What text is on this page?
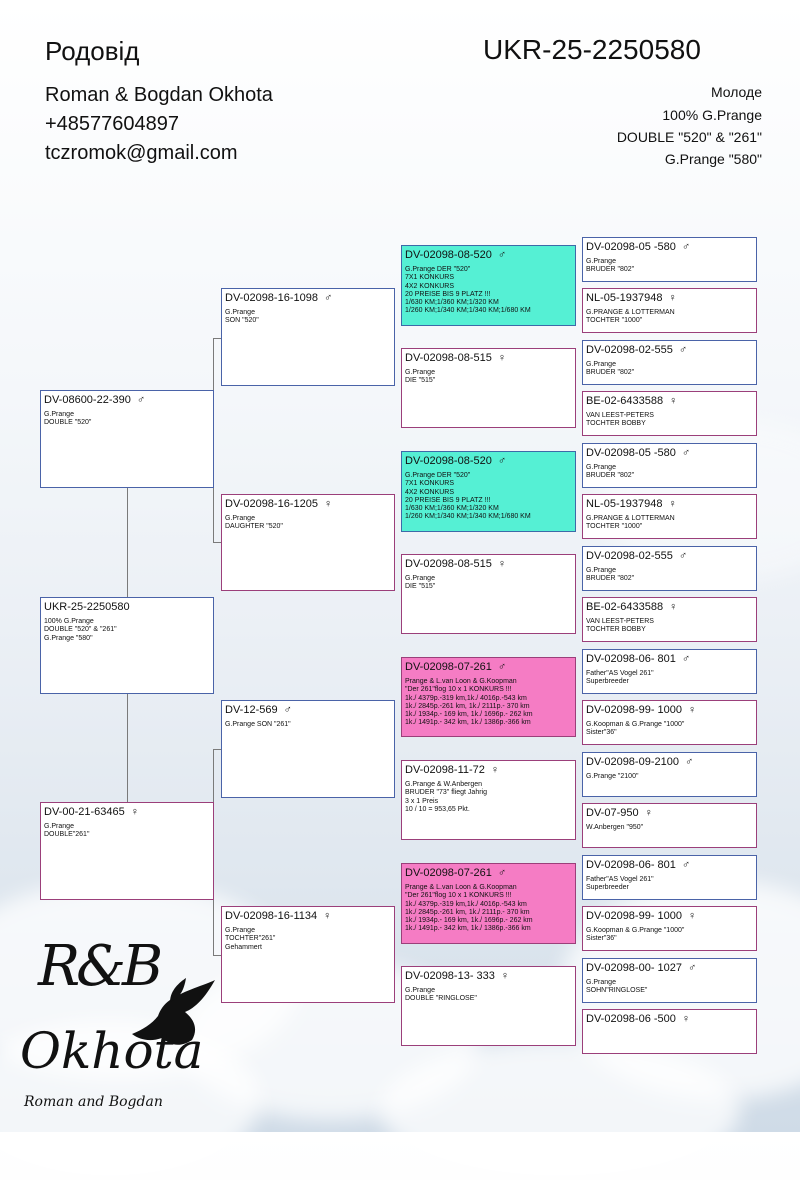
Родовід	UKR-25-2250580
Roman & Bogdan Okhota
+48577604897
tczromok@gmail.com
Молоде
100% G.Prange
DOUBLE "520" & "261"
G.Prange "580"
UKR-25-2250580
100% G.Prange
DOUBLE "520" & "261"
G.Prange "580"
DV-08600-22-390 ♂
G.Prange
DOUBLE "520"
DV-00-21-63465 ♀
G.Prange
DOUBLE"261"
DV-02098-16-1098 ♂
G.Prange
SON "520"
DV-02098-16-1205 ♀
G.Prange
DAUGHTER "520"
DV-12-569 ♂
G.Prange SON "261"
DV-02098-16-1134 ♀
G.Prange
TOCHTER"261"
Gehammert
DV-02098-08-520 ♂
G.Prange DER "520"
7X1 KONKURS
4X2 KONKURS
20 PREISE BIS 9 PLATZ !!!
1/630 KM;1/360 KM;1/320 KM
1/260 KM;1/340 KM;1/340 KM;1/680 KM
DV-02098-08-515 ♀
G.Prange
DIE "515"
DV-02098-08-520 ♂
G.Prange DER "520"
7X1 KONKURS
4X2 KONKURS
20 PREISE BIS 9 PLATZ !!!
1/630 KM;1/360 KM;1/320 KM
1/260 KM;1/340 KM;1/340 KM;1/680 KM
DV-02098-08-515 ♀
G.Prange
DIE "515"
DV-02098-07-261 ♂
Prange & L.van Loon & G.Koopman
"Der 261"flog 10 x 1 KONKURS !!!
1k./ 4379p.-319 km,1k./ 4016p.-543 km
1k./ 2845p.-261 km, 1k./ 2111p.- 370 km
1k./ 1934p.- 169 km, 1k./ 1696p.- 262 km
1k./ 1491p.- 342 km, 1k./ 1386p.-366 km
DV-02098-11-72 ♀
G.Prange & W.Anbergen
BRUDER "73" fliegt Jahrig
3 x 1 Preis
10 / 10 = 953,65 Pkt.
DV-02098-07-261 ♂
Prange & L.van Loon & G.Koopman
"Der 261"flog 10 x 1 KONKURS !!!
1k./ 4379p.-319 km,1k./ 4016p.-543 km
1k./ 2845p.-261 km, 1k./ 2111p.- 370 km
1k./ 1934p.- 169 km, 1k./ 1696p.- 262 km
1k./ 1491p.- 342 km, 1k./ 1386p.-366 km
DV-02098-13- 333 ♀
G.Prange
DOUBLE "RINGLOSE"
DV-02098-05 -580 ♂
G.Prange
BRUDER "802"
NL-05-1937948 ♀
G.PRANGE & LOTTERMAN
TOCHTER "1000"
DV-02098-02-555 ♂
G.Prange
BRUDER "802"
BE-02-6433588 ♀
VAN LEEST-PETERS
TOCHTER BOBBY
DV-02098-05 -580 ♂
G.Prange
BRUDER "802"
NL-05-1937948 ♀
G.PRANGE & LOTTERMAN
TOCHTER "1000"
DV-02098-02-555 ♂
G.Prange
BRUDER "802"
BE-02-6433588 ♀
VAN LEEST-PETERS
TOCHTER BOBBY
DV-02098-06- 801 ♂
Father"AS Vogel 261"
Superbreeder
DV-02098-99- 1000 ♀
G.Koopman & G.Prange "1000"
Sister"36"
DV-02098-09-2100 ♂
G.Prange "2100"
DV-07-950 ♀
W.Anbergen "950"
DV-02098-06- 801 ♂
Father"AS Vogel 261"
Superbreeder
DV-02098-99- 1000 ♀
G.Koopman & G.Prange "1000"
Sister"36"
DV-02098-00- 1027 ♂
G.Prange
SOHN"RINGLOSE"
DV-02098-06 -500 ♀
R&B
Okhota
Roman and Bogdan
